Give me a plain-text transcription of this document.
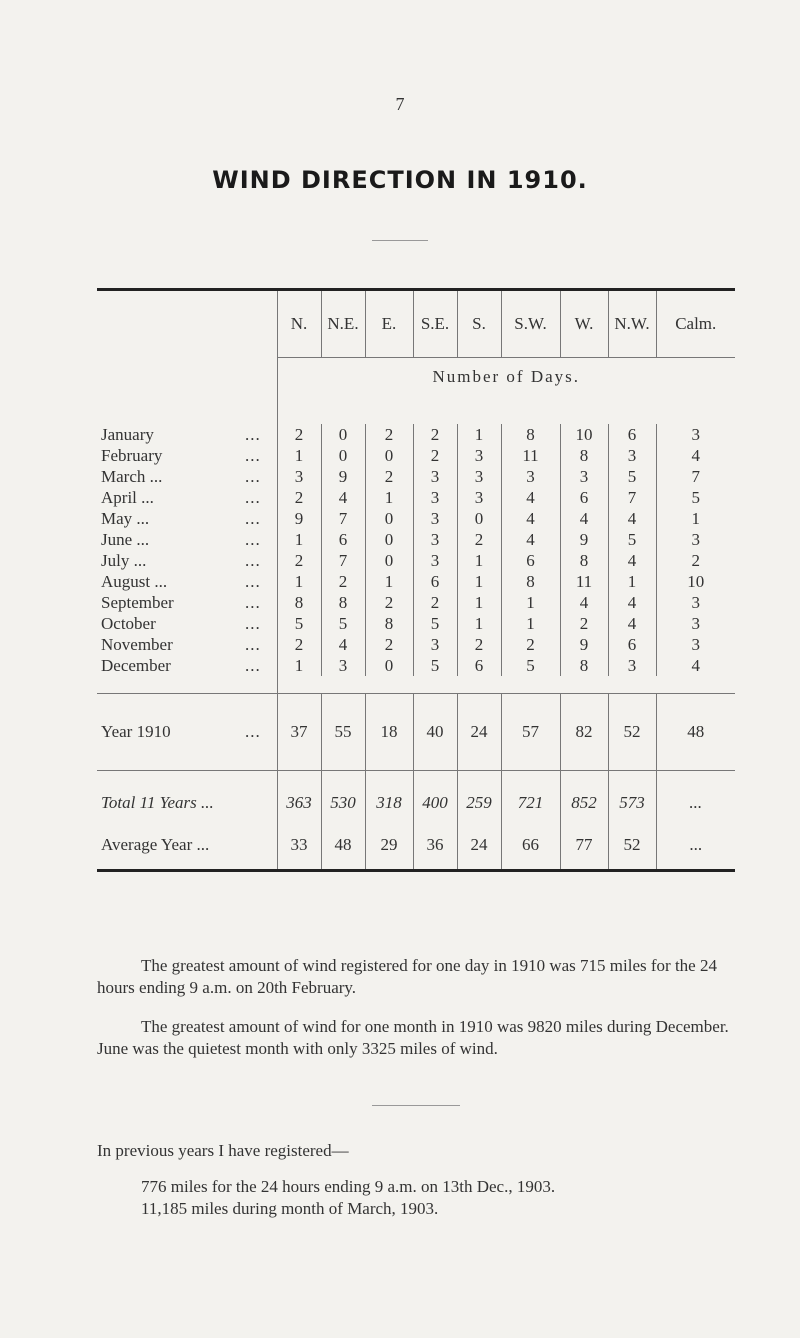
7
WIND DIRECTION IN 1910.
	N.	N.E.	E.	S.E.	S.	S.W.	W.	N.W.	Calm.
	Number of Days.								

January ...	2	0	2	2	1	8	10	6	3
February ...	1	0	0	2	3	11	8	3	4
March ... ...	3	9	2	3	3	3	3	5	7
April ... ...	2	4	1	3	3	4	6	7	5
May ... ...	9	7	0	3	0	4	4	4	1
June ... ...	1	6	0	3	2	4	9	5	3
July ... ...	2	7	0	3	1	6	8	4	2
August ... ...	1	2	1	6	1	8	11	1	10
September ...	8	8	2	2	1	1	4	4	3
October ...	5	5	8	5	1	1	2	4	3
November ...	2	4	2	3	2	2	9	6	3
December ...	1	3	0	5	6	5	8	3	4

Year 1910 ...	37	55	18	40	24	57	82	52	48
Total 11 Years ...	363	530	318	400	259	721	852	573	...
Average Year ...	33	48	29	36	24	66	77	52	...

The greatest amount of wind registered for one day in 1910 was 715 miles for the 24 hours ending 9 a.m. on 20th February.

The greatest amount of wind for one month in 1910 was 9820 miles during December. June was the quietest month with only 3325 miles of wind.

In previous years I have registered—

776 miles for the 24 hours ending 9 a.m. on 13th Dec., 1903.

11,185 miles during month of March, 1903.
